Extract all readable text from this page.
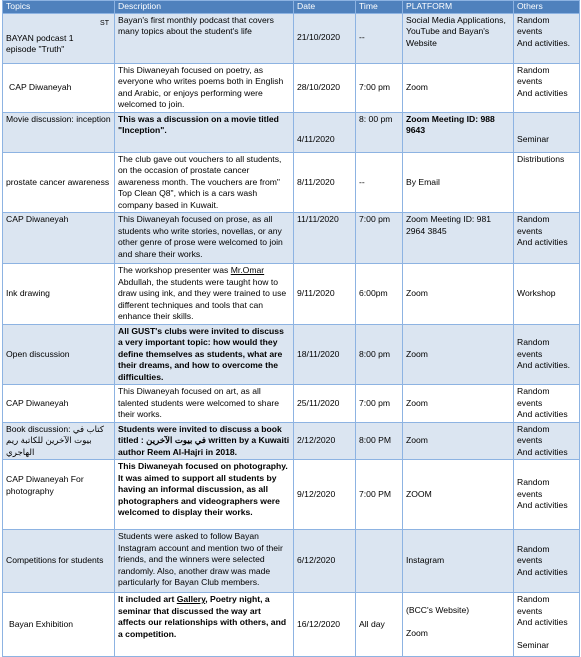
Topics	Description	Date	Time	PLATFORM	Others

$^{ST}$
BAYAN podcast 1
episode "Truth"	Bayan's first monthly podcast that covers many topics about the student's life	21/10/2020	--	Social Media Applications, YouTube and Bayan's Website	Random
events
And activities.

CAP Diwaneyah	This Diwaneyah focused on poetry, as everyone who writes poems both in English and Arabic, or enjoys performing were welcomed to join.	28/10/2020	7:00 pm	Zoom	Random
events
And activities

Movie discussion: inception	This was a discussion on a movie titled "Inception".	4/11/2020	8: 00 pm	Zoom Meeting ID: 988 9643	Seminar

prostate cancer awareness	The club gave out vouchers to all students, on the occasion of prostate cancer awareness month. The vouchers are from" Top Clean Q8", which is a cars wash company based in Kuwait.	8/11/2020	--	By Email	Distributions

CAP Diwaneyah	This Diwaneyah focused on prose, as all students who write stories, novellas, or any other genre of prose were welcomed to join and share their works.	11/11/2020	7:00 pm	Zoom Meeting ID: 981 2964 3845	Random
events
And activities

Ink drawing	The workshop presenter was Mr.Omar Abdullah, the students were taught how to draw using ink, and they were trained to use different techniques and tools that can enhance their skills.	9/11/2020	6:00pm	Zoom	Workshop

Open discussion	All GUST's clubs were invited to discuss a very important topic: how would they define themselves as students, what are their dreams, and how to overcome the difficulties.	18/11/2020	8:00 pm	Zoom	Random
events
And activities.

CAP Diwaneyah	This Diwaneyah focused on art, as all talented students were welcomed to share their works.	25/11/2020	7:00 pm	Zoom	Random
events
And activities

Book discussion: كتاب في
بيوت الآخرين للكاتبة ريم الهاجري	Students were invited to discuss a book titled : في بيوت الآخرين written by a Kuwaiti author Reem Al-Hajri in 2018.	2/12/2020	8:00 PM	Zoom	Random
events
And activities

CAP Diwaneyah For photography	This Diwaneyah focused on photography. It was aimed to support all students by having an informal discussion, as all photographers and videographers were welcomed to display their works.	9/12/2020	7:00 PM	ZOOM	Random
events
And activities

Competitions for students	Students were asked to follow Bayan Instagram account and mention two of their friends, and the winners were selected randomly. Also, another draw was made particularly for Bayan Club members.	6/12/2020		Instagram	Random
events
And activities

Bayan Exhibition	It included art Gallery, Poetry night, a seminar that discussed the way art affects our relationships with others, and a competition.	16/12/2020	All day	(BCC's Website)
Zoom	Random
events
And activities
Seminar
